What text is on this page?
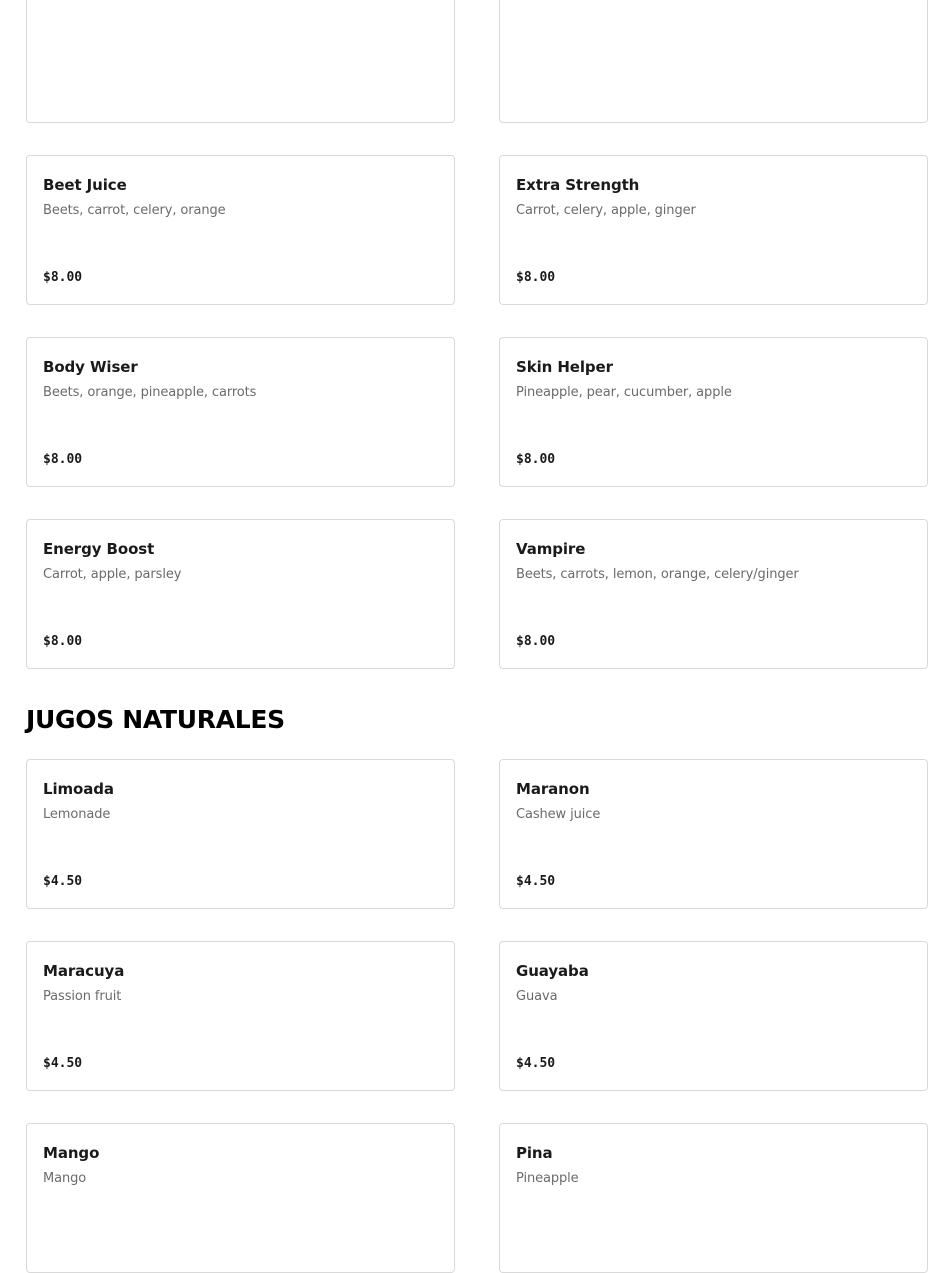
Beet Juice
Beets, carrot, celery, orange
$8.00
Extra Strength
Carrot, celery, apple, ginger
$8.00
Body Wiser
Beets, orange, pineapple, carrots
$8.00
Skin Helper
Pineapple, pear, cucumber, apple
$8.00
Energy Boost
Carrot, apple, parsley
$8.00
Vampire
Beets, carrots, lemon, orange, celery/ginger
$8.00
JUGOS NATURALES
Limoada
Lemonade
$4.50
Maranon
Cashew juice
$4.50
Maracuya
Passion fruit
$4.50
Guayaba
Guava
$4.50
Mango
Mango
Pina
Pineapple
